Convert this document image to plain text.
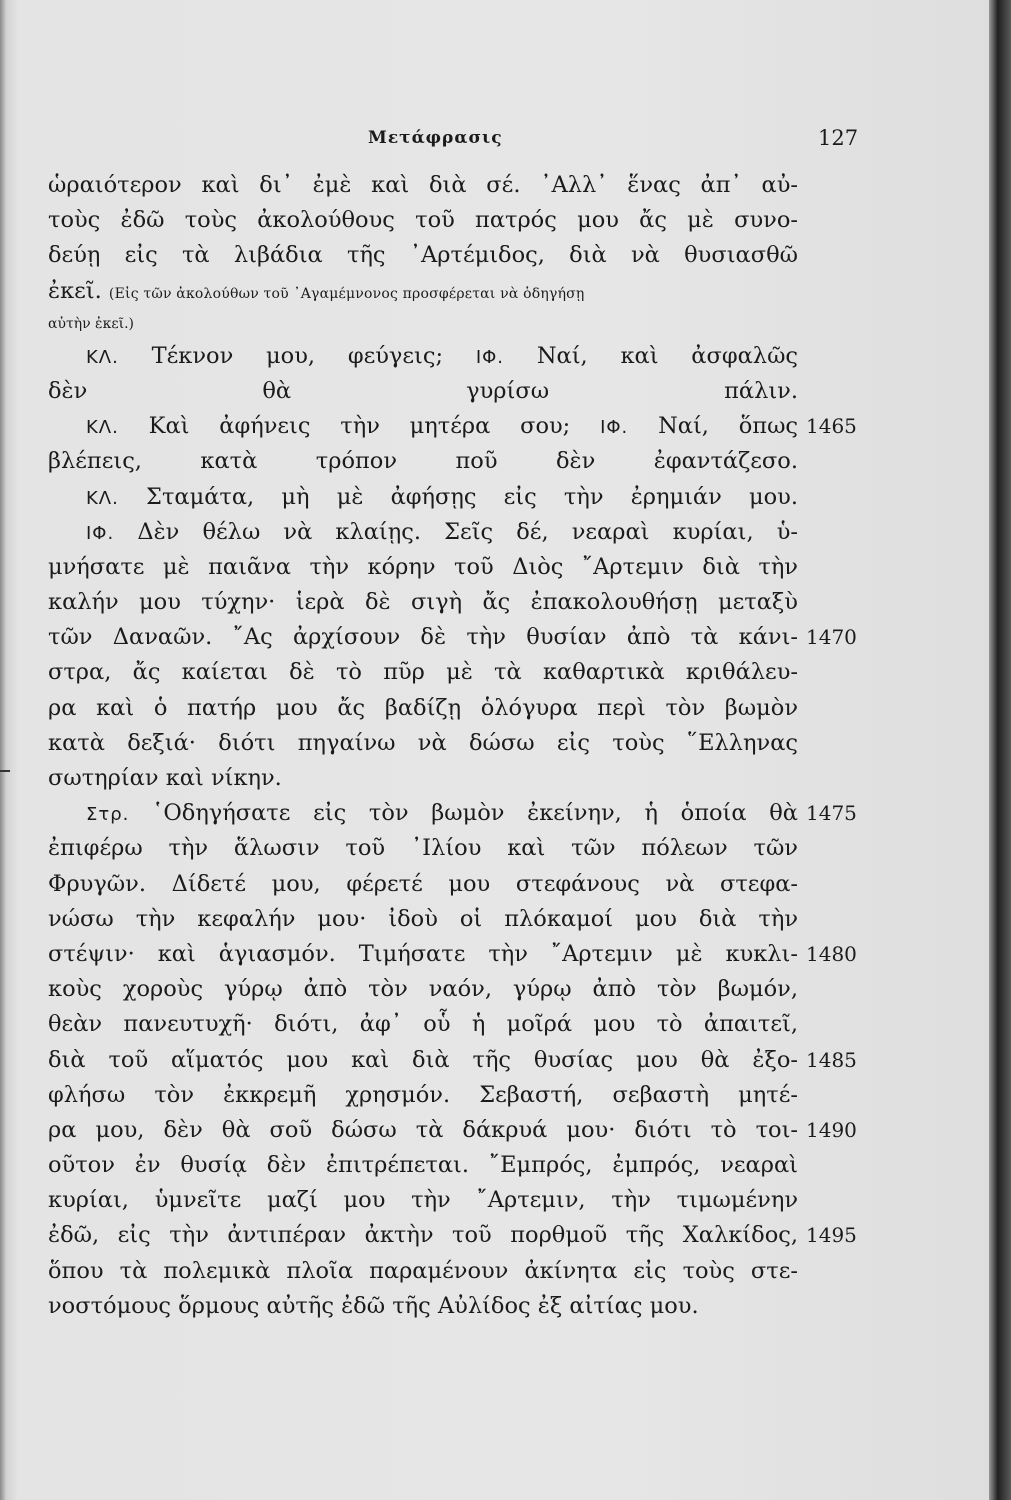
Μετάφρασις	127
ὡραιότερον καὶ δι᾽ ἐμὲ καὶ διὰ σέ. ᾽Αλλ᾽ ἕνας ἀπ᾽ αὐ-
τοὺς ἐδῶ τοὺς ἀκολούθους τοῦ πατρός μου ἄς μὲ συνο-
δεύῃ εἰς τὰ λιβάδια τῆς ᾽Αρτέμιδος, διὰ νὰ θυσιασθῶ
ἐκεῖ. (Εἰς τῶν ἀκολούθων τοῦ ᾽Αγαμέμνονος προσφέρεται νὰ ὁδηγήσῃ
αὐτὴν ἐκεῖ.)
ΚΛ. Τέκνον μου, φεύγεις; ΙΦ. Ναί, καὶ ἀσφαλῶς
δὲν θὰ γυρίσω πάλιν.
ΚΛ. Καὶ ἀφήνεις τὴν μητέρα σου; ΙΦ. Ναί, ὅπως 1465
βλέπεις, κατὰ τρόπον ποῦ δὲν ἐφαντάζεσο.
ΚΛ. Σταμάτα, μὴ μὲ ἀφήσῃς εἰς τὴν ἐρημιάν μου.
ΙΦ. Δὲν θέλω νὰ κλαίῃς. Σεῖς δέ, νεαραὶ κυρίαι, ὑ-
μνήσατε μὲ παιᾶνα τὴν κόρην τοῦ Διὸς ῎Αρτεμιν διὰ τὴν
καλήν μου τύχην· ἱερὰ δὲ σιγὴ ἄς ἐπακολουθήσῃ μεταξὺ
τῶν Δαναῶν. ῎Ας ἀρχίσουν δὲ τὴν θυσίαν ἀπὸ τὰ κάνι- 1470
στρα, ἄς καίεται δὲ τὸ πῦρ μὲ τὰ καθαρτικὰ κριθάλευ-
ρα καὶ ὁ πατήρ μου ἄς βαδίζῃ ὁλόγυρα περὶ τὸν βωμὸν
κατὰ δεξιά· διότι πηγαίνω νὰ δώσω εἰς τοὺς ῞Ελληνας
σωτηρίαν καὶ νίκην.
Στρ. ῾Οδηγήσατε εἰς τὸν βωμὸν ἐκείνην, ἡ ὁποία θὰ 1475
ἐπιφέρω τὴν ἅλωσιν τοῦ ᾽Ιλίου καὶ τῶν πόλεων τῶν
Φρυγῶν. Δίδετέ μου, φέρετέ μου στεφάνους νὰ στεφα-
νώσω τὴν κεφαλήν μου· ἰδοὺ οἱ πλόκαμοί μου διὰ τὴν
στέψιν· καὶ ἁγιασμόν. Τιμήσατε τὴν ῎Αρτεμιν μὲ κυκλι- 1480
κοὺς χοροὺς γύρῳ ἀπὸ τὸν ναόν, γύρῳ ἀπὸ τὸν βωμόν,
θεὰν πανευτυχῆ· διότι, ἀφ᾽ οὗ ἡ μοῖρά μου τὸ ἀπαιτεῖ,
διὰ τοῦ αἵματός μου καὶ διὰ τῆς θυσίας μου θὰ ἐξο- 1485
φλήσω τὸν ἐκκρεμῆ χρησμόν. Σεβαστή, σεβαστὴ μητέ-
ρα μου, δὲν θὰ σοῦ δώσω τὰ δάκρυά μου· διότι τὸ τοι- 1490
οῦτον ἐν θυσίᾳ δὲν ἐπιτρέπεται. ῎Εμπρός, ἐμπρός, νεαραὶ
κυρίαι, ὑμνεῖτε μαζί μου τὴν ῎Αρτεμιν, τὴν τιμωμένην
ἐδῶ, εἰς τὴν ἀντιπέραν ἀκτὴν τοῦ πορθμοῦ τῆς Χαλκίδος, 1495
ὅπου τὰ πολεμικὰ πλοῖα παραμένουν ἀκίνητα εἰς τοὺς στε-
νοστόμους ὅρμους αὐτῆς ἐδῶ τῆς Αὐλίδος ἐξ αἰτίας μου.
